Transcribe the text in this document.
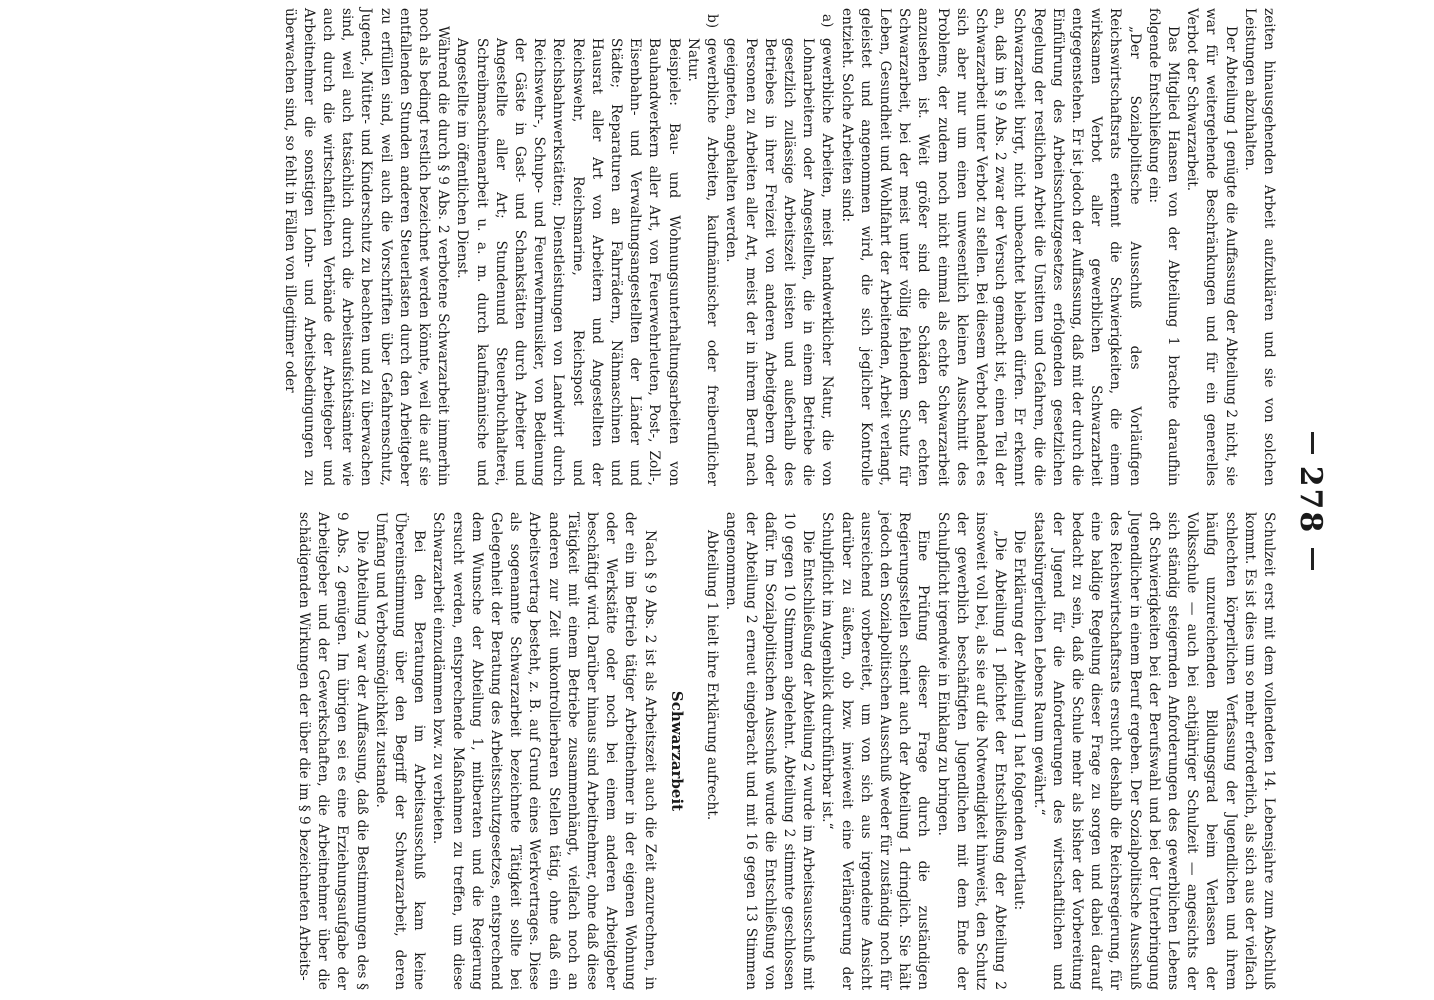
278

zeiten hinausgehenden Arbeit aufzuklären und sie von solchen Leistungen abzuhalten.

Der Abteilung 1 genügte die Auffassung der Abteilung 2 nicht, sie war für weitergehende Beschränkungen und für ein generelles Verbot der Schwarzarbeit.

Das Mitglied Hansen von der Abteilung 1 brachte daraufhin folgende Entschließung ein:

„Der Sozialpolitische Ausschuß des Vorläufigen Reichswirtschaftsrats erkennt die Schwierigkeiten, die einem wirksamen Verbot aller gewerblichen Schwarzarbeit entgegenstehen. Er ist jedoch der Auffassung, daß mit der durch die Einführung des Arbeitsschutzgesetzes erfolgenden gesetzlichen Regelung der restlichen Arbeit die Unsitten und Gefahren, die die Schwarzarbeit birgt, nicht unbeachtet bleiben dürfen. Er erkennt an, daß im § 9 Abs. 2 zwar der Versuch gemacht ist, einen Teil der Schwarzarbeit unter Verbot zu stellen. Bei diesem Verbot handelt es sich aber nur um einen unwesentlich kleinen Ausschnitt des Problems, der zudem noch nicht einmal als echte Schwarzarbeit anzusehen ist. Weit größer sind die Schäden der echten Schwarzarbeit, bei der meist unter völlig fehlendem Schutz für Leben, Gesundheit und Wohlfahrt der Arbeitenden, Arbeit verlangt, geleistet und angenommen wird, die sich jeglicher Kontrolle entzieht. Solche Arbeiten sind:

a)
gewerbliche Arbeiten, meist handwerklicher Natur, die von Lohnarbeitern oder Angestellten, die in einem Betriebe die gesetzlich zulässige Arbeitszeit leisten und außerhalb des Betriebes in ihrer Freizeit von anderen Arbeitgebern oder Personen zu Arbeiten aller Art, meist der in ihrem Beruf nach geeigneten, angehalten werden.

b)
gewerbliche Arbeiten, kaufmännischer oder freiberuflicher Natur.

Beispiele: Bau- und Wohnungsunterhaltungsarbeiten von Bauhandwerkern aller Art, von Feuerwehrleuten, Post-, Zoll-, Eisenbahn- und Verwaltungsangestellten der Länder und Städte; Reparaturen an Fahrrädern, Nähmaschinen und Hausrat aller Art von Arbeitern und Angestellten der Reichswehr, Reichsmarine, Reichspost und Reichsbahnwerkstätten; Dienstleistungen von Landwirt durch Reichswehr-, Schupo- und Feuerwehrmusiker, von Bedienung der Gäste in Gast- und Schankstätten durch Arbeiter und Angestellte aller Art; Stundenund Steuerbuchhalterei, Schreibmaschinenarbeit u. a. m. durch kaufmännische und Angestellte im öffentlichen Dienst.

Während die durch § 9 Abs. 2 verbotene Schwarzarbeit immerhin noch als bedingt restlich bezeichnet werden könnte, weil die auf sie entfallenden Stunden anderen Steuerlasten durch den Arbeitgeber zu erfüllen sind, weil auch die Vorschriften über Gefahrenschutz, Jugend-, Mütter- und Kinderschutz zu beachten und zu überwachen sind, weil auch tatsächlich durch die Arbeitsaufsichtsämter wie auch durch die wirtschaftlichen Verbände der Arbeitgeber und Arbeitnehmer die sonstigen Lohn- und Arbeitsbedingungen zu überwachen sind, so fehlt in Fällen von illegitimer oder

Schulzeit erst mit dem vollendeten 14. Lebensjahre zum Abschluß kommt. Es ist dies um so mehr erforderlich, als sich aus der vielfach schlechten körperlichen Verfassung der Jugendlichen und ihrem häufig unzureichenden Bildungsgrad beim Verlassen der Volksschule — auch bei achtjähriger Schulzeit — angesichts der sich ständig steigernden Anforderungen des gewerblichen Lebens oft Schwierigkeiten bei der Berufswahl und bei der Unterbringung Jugendlicher in einem Beruf ergeben. Der Sozialpolitische Ausschuß des Reichswirtschaftsrats ersucht deshalb die Reichsregierung, für eine baldige Regelung dieser Frage zu sorgen und dabei darauf bedacht zu sein, daß die Schule mehr als bisher der Vorbereitung der Jugend für die Anforderungen des wirtschaftlichen und staatsbürgerlichen Lebens Raum gewährt.“

Die Erklärung der Abteilung 1 hat folgenden Wortlaut:

„Die Abteilung 1 pflichtet der Entschließung der Abteilung 2 insoweit voll bei, als sie auf die Notwendigkeit hinweist, den Schutz der gewerblich beschäftigten Jugendlichen mit dem Ende der Schulpflicht irgendwie in Einklang zu bringen.

Eine Prüfung dieser Frage durch die zuständigen Regierungsstellen scheint auch der Abteilung 1 dringlich. Sie hält jedoch den Sozialpolitischen Ausschuß weder für zuständig noch für ausreichend vorbereitet, um von sich aus irgendeine Ansicht darüber zu äußern, ob bzw. inwieweit eine Verlängerung der Schulpflicht im Augenblick durchführbar ist.“

Die Entschließung der Abteilung 2 wurde im Arbeitsausschuß mit 10 gegen 10 Stimmen abgelehnt. Abteilung 2 stimmte geschlossen dafür. Im Sozialpolitischen Ausschuß wurde die Entschließung von der Abteilung 2 erneut eingebracht und mit 16 gegen 13 Stimmen angenommen.

Abteilung 1 hielt ihre Erklärung aufrecht.

Schwarzarbeit

Nach § 9 Abs. 2 ist als Arbeitszeit auch die Zeit anzurechnen, in der ein im Betrieb tätiger Arbeitnehmer in der eigenen Wohnung oder Werkstätte oder noch bei einem anderen Arbeitgeber beschäftigt wird. Darüber hinaus sind Arbeitnehmer, ohne daß diese Tätigkeit mit einem Betriebe zusammenhängt, vielfach noch an anderen zur Zeit unkontrollierbaren Stellen tätig, ohne daß ein Arbeitsvertrag besteht, z. B. auf Grund eines Werkvertrages. Diese als sogenannte Schwarzarbeit bezeichnete Tätigkeit sollte bei Gelegenheit der Beratung des Arbeitsschutzgesetzes, entsprechend dem Wunsche der Abteilung 1, mitberaten und die Regierung ersucht werden, entsprechende Maßnahmen zu treffen, um diese Schwarzarbeit einzudämmen bzw. zu verbieten.

Bei den Beratungen im Arbeitsausschuß kam keine Übereinstimmung über den Begriff der Schwarzarbeit, deren Umfang und Verbotsmöglichkeit zustande.

Die Abteilung 2 war der Auffassung, daß die Bestimmungen des § 9 Abs. 2 genügen. Im übrigen sei es eine Erziehungsaufgabe der Arbeitgeber und der Gewerkschaften, die Arbeitnehmer über die schädigenden Wirkungen der über die im § 9 bezeichneten Arbeits-
